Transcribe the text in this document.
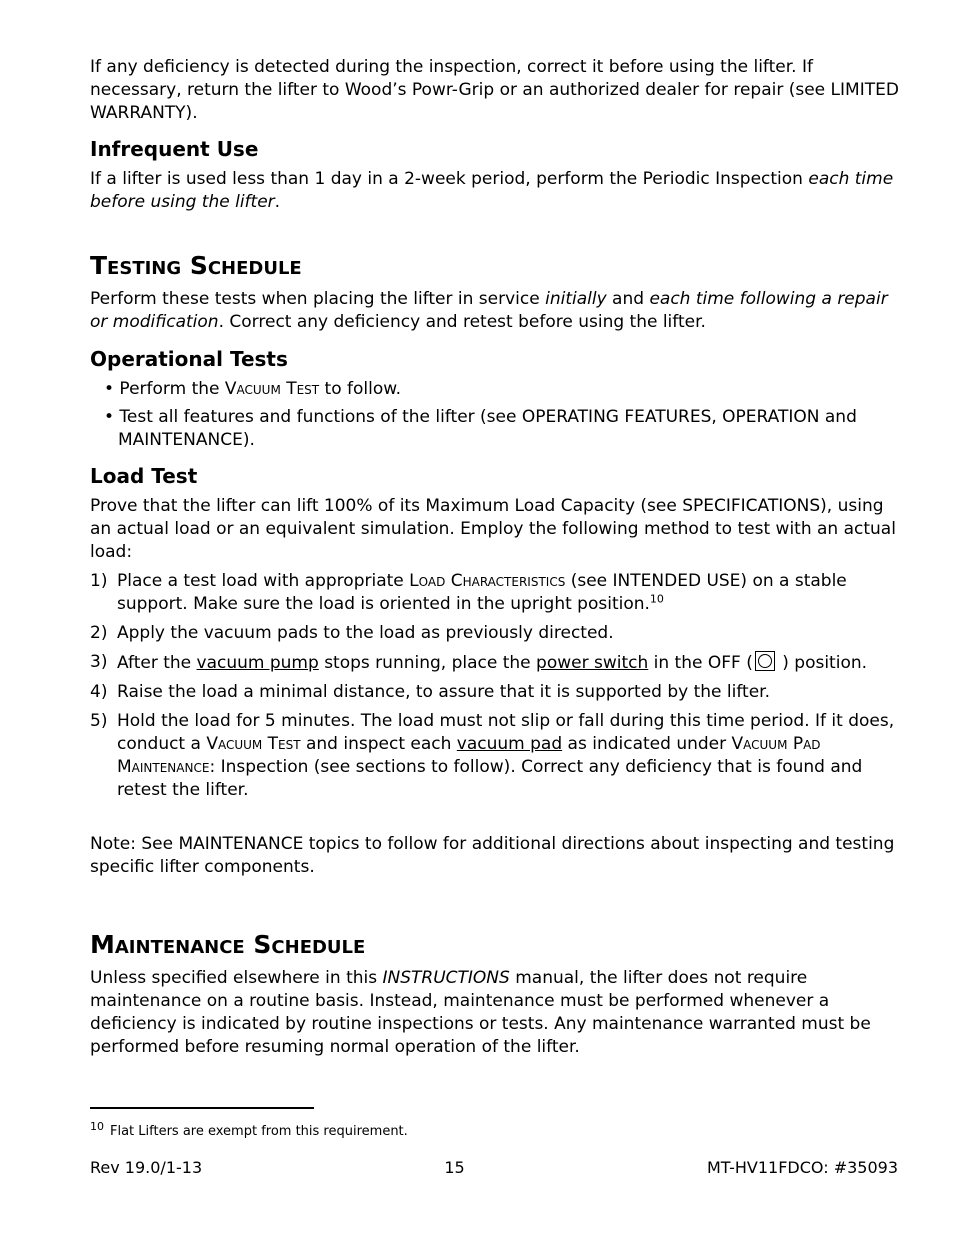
If any deficiency is detected during the inspection, correct it before using the lifter. If necessary, return the lifter to Wood’s Powr-Grip or an authorized dealer for repair (see LIMITED WARRANTY).

Infrequent Use

If a lifter is used less than 1 day in a 2-week period, perform the Periodic Inspection each time before using the lifter.

Testing Schedule

Perform these tests when placing the lifter in service initially and each time following a repair or modification. Correct any deficiency and retest before using the lifter.

Operational Tests

• Perform the Vacuum Test to follow.

• Test all features and functions of the lifter (see OPERATING FEATURES, OPERATION and MAINTENANCE).

Load Test

Prove that the lifter can lift 100% of its Maximum Load Capacity (see SPECIFICATIONS), using an actual load or an equivalent simulation. Employ the following method to test with an actual load:

1) Place a test load with appropriate Load Characteristics (see INTENDED USE) on a stable support. Make sure the load is oriented in the upright position.$^{10}$
2) Apply the vacuum pads to the load as previously directed.
3) After the vacuum pump stops running, place the power switch in the OFF ( ) position.
4) Raise the load a minimal distance, to assure that it is supported by the lifter.
5) Hold the load for 5 minutes. The load must not slip or fall during this time period. If it does, conduct a Vacuum Test and inspect each vacuum pad as indicated under Vacuum Pad Maintenance: Inspection (see sections to follow). Correct any deficiency that is found and retest the lifter.

Note: See MAINTENANCE topics to follow for additional directions about inspecting and testing specific lifter components.

Maintenance Schedule

Unless specified elsewhere in this INSTRUCTIONS manual, the lifter does not require maintenance on a routine basis. Instead, maintenance must be performed whenever a deficiency is indicated by routine inspections or tests. Any maintenance warranted must be performed before resuming normal operation of the lifter.

$^{10}$ Flat Lifters are exempt from this requirement.
Rev 19.0/1-13	15	MT-HV11FDCO: #35093
